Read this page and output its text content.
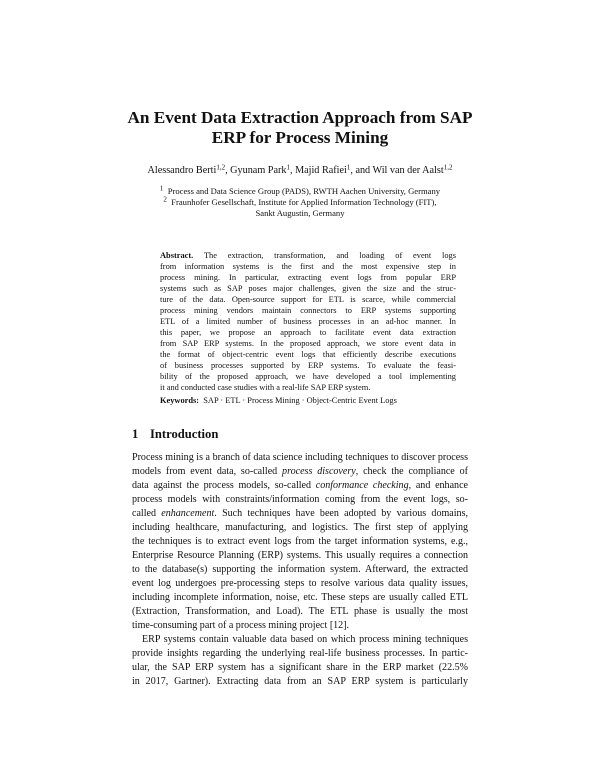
An Event Data Extraction Approach from SAP
ERP for Process Mining
Alessandro Berti$^{1,2}$, Gyunam Park$^1$, Majid Rafiei$^1$, and Wil van der Aalst$^{1,2}$
$^1$ Process and Data Science Group (PADS), RWTH Aachen University, Germany
$^2$ Fraunhofer Gesellschaft, Institute for Applied Information Technology (FIT),
Sankt Augustin, Germany
Abstract. The extraction, transformation, and loading of event logs
from information systems is the first and the most expensive step in
process mining. In particular, extracting event logs from popular ERP
systems such as SAP poses major challenges, given the size and the struc-
ture of the data. Open-source support for ETL is scarce, while commercial
process mining vendors maintain connectors to ERP systems supporting
ETL of a limited number of business processes in an ad-hoc manner. In
this paper, we propose an approach to facilitate event data extraction
from SAP ERP systems. In the proposed approach, we store event data in
the format of object-centric event logs that efficiently describe executions
of business processes supported by ERP systems. To evaluate the feasi-
bility of the proposed approach, we have developed a tool implementing
it and conducted case studies with a real-life SAP ERP system.
Keywords: SAP · ETL · Process Mining · Object-Centric Event Logs
1 Introduction
Process mining is a branch of data science including techniques to discover process
models from event data, so-called process discovery, check the compliance of
data against the process models, so-called conformance checking, and enhance
process models with constraints/information coming from the event logs, so-
called enhancement. Such techniques have been adopted by various domains,
including healthcare, manufacturing, and logistics. The first step of applying
the techniques is to extract event logs from the target information systems, e.g.,
Enterprise Resource Planning (ERP) systems. This usually requires a connection
to the database(s) supporting the information system. Afterward, the extracted
event log undergoes pre-processing steps to resolve various data quality issues,
including incomplete information, noise, etc. These steps are usually called ETL
(Extraction, Transformation, and Load). The ETL phase is usually the most
time-consuming part of a process mining project [12].
ERP systems contain valuable data based on which process mining techniques
provide insights regarding the underlying real-life business processes. In partic-
ular, the SAP ERP system has a significant share in the ERP market (22.5%
in 2017, Gartner). Extracting data from an SAP ERP system is particularly
